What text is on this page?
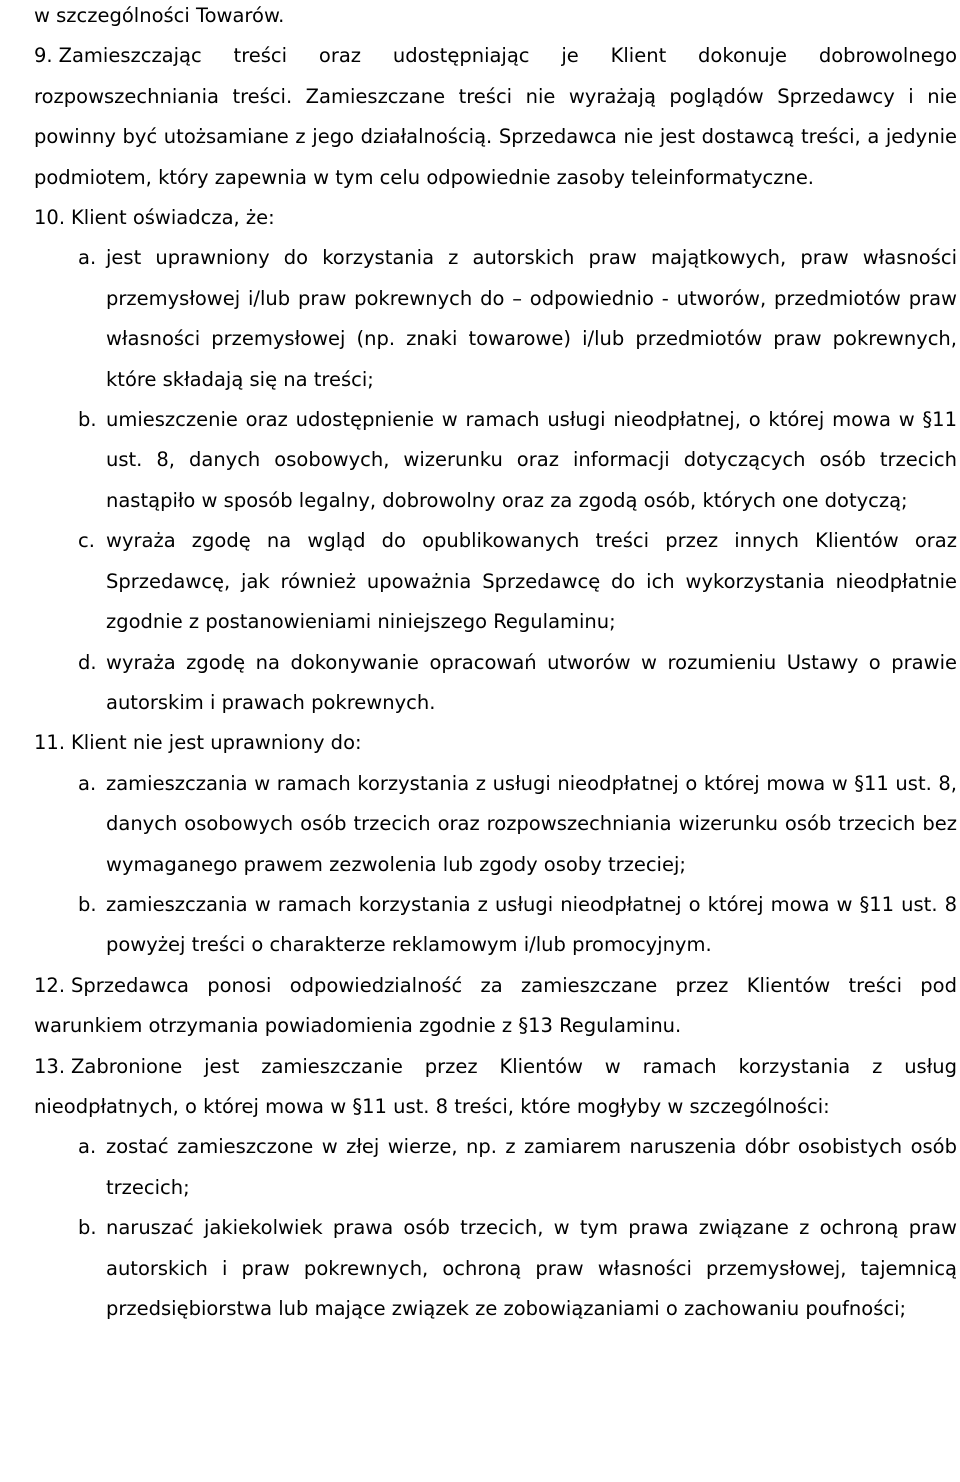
w szczególności Towarów.
9. Zamieszczając treści oraz udostępniając je Klient dokonuje dobrowolnego rozpowszechniania treści. Zamieszczane treści nie wyrażają poglądów Sprzedawcy i nie powinny być utożsamiane z jego działalnością. Sprzedawca nie jest dostawcą treści, a jedynie podmiotem, który zapewnia w tym celu odpowiednie zasoby teleinformatyczne.
10. Klient oświadcza, że:
a. jest uprawniony do korzystania z autorskich praw majątkowych, praw własności przemysłowej i/lub praw pokrewnych do – odpowiednio - utworów, przedmiotów praw własności przemysłowej (np. znaki towarowe) i/lub przedmiotów praw pokrewnych, które składają się na treści;
b. umieszczenie oraz udostępnienie w ramach usługi nieodpłatnej, o której mowa w §11 ust. 8, danych osobowych, wizerunku oraz informacji dotyczących osób trzecich nastąpiło w sposób legalny, dobrowolny oraz za zgodą osób, których one dotyczą;
c. wyraża zgodę na wgląd do opublikowanych treści przez innych Klientów oraz Sprzedawcę, jak również upoważnia Sprzedawcę do ich wykorzystania nieodpłatnie zgodnie z postanowieniami niniejszego Regulaminu;
d. wyraża zgodę na dokonywanie opracowań utworów w rozumieniu Ustawy o prawie autorskim i prawach pokrewnych.
11. Klient nie jest uprawniony do:
a. zamieszczania w ramach korzystania z usługi nieodpłatnej o której mowa w §11 ust. 8, danych osobowych osób trzecich oraz rozpowszechniania wizerunku osób trzecich bez wymaganego prawem zezwolenia lub zgody osoby trzeciej;
b. zamieszczania w ramach korzystania z usługi nieodpłatnej o której mowa w §11 ust. 8 powyżej treści o charakterze reklamowym i/lub promocyjnym.
12. Sprzedawca ponosi odpowiedzialność za zamieszczane przez Klientów treści pod warunkiem otrzymania powiadomienia zgodnie z §13 Regulaminu.
13. Zabronione jest zamieszczanie przez Klientów w ramach korzystania z usług nieodpłatnych, o której mowa w §11 ust. 8 treści, które mogłyby w szczególności:
a. zostać zamieszczone w złej wierze, np. z zamiarem naruszenia dóbr osobistych osób trzecich;
b. naruszać jakiekolwiek prawa osób trzecich, w tym prawa związane z ochroną praw autorskich i praw pokrewnych, ochroną praw własności przemysłowej, tajemnicą przedsiębiorstwa lub mające związek ze zobowiązaniami o zachowaniu poufności;
